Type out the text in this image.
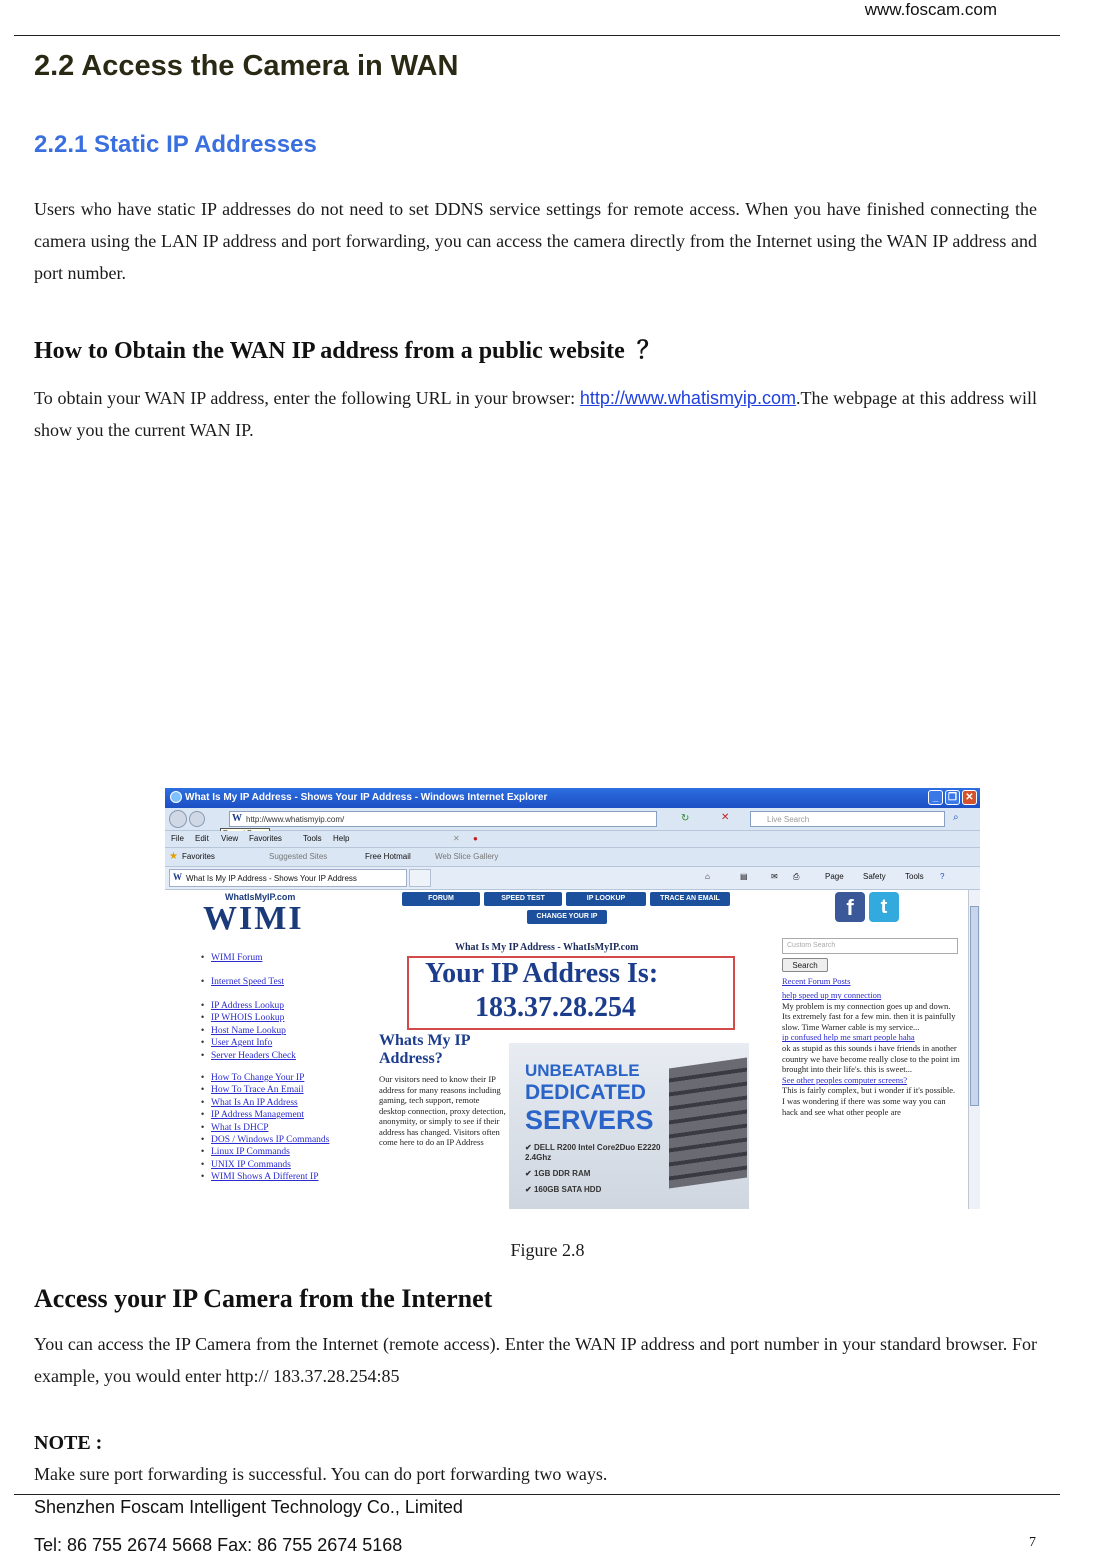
www.foscam.com
2.2 Access the Camera in WAN
2.2.1 Static IP Addresses
Users who have static IP addresses do not need to set DDNS service settings for remote access. When you have finished connecting the camera using the LAN IP address and port forwarding, you can access the camera directly from the Internet using the WAN IP address and port number.
How to Obtain the WAN IP address from a public website  ？
To obtain your WAN IP address, enter the following URL in your browser: http://www.whatismyip.com.The webpage at this address will show you the current WAN IP.
What Is My IP Address - Shows Your IP Address - Windows Internet Explorer	_ ❐ ✕
http://www.whatismyip.com/
W	↻	✕	Live Search	⌕
File Edit View Favorites	Tools Help	✕ ●
★ Favorites	Suggested Sites	Free Hotmail	Web Slice Gallery
What Is My IP Address - Shows Your IP Address
W	⌂	▤	✉ ⎙	Page Safety Tools ?
WhatIsMyIP.com
WIMI
FORUM	SPEED TEST	IP LOOKUP	TRACE AN EMAIL
CHANGE YOUR IP	f	t
• WIMI Forum
• Internet Speed Test
• IP Address Lookup
• IP WHOIS Lookup
• Host Name Lookup
• User Agent Info
• Server Headers Check
• How To Change Your IP
• How To Trace An Email
• What Is An IP Address
• IP Address Management
• What Is DHCP
• DOS / Windows IP Commands
• Linux IP Commands
• UNIX IP Commands
• WIMI Shows A Different IP
What Is My IP Address - WhatIsMyIP.com
Your IP Address Is:
183.37.28.254
Whats My IP Address?
Our visitors need to know their IP address for many reasons including gaming, tech support, remote desktop connection, proxy detection, anonymity, or simply to see if their address has changed. Visitors often come here to do an IP Address
UNBEATABLE
DEDICATED
SERVERS
✔ DELL R200 Intel Core2Duo E2220 2.4Ghz
✔ 1GB DDR RAM
✔ 160GB SATA HDD
Custom Search
Search
Recent Forum Posts
help speed up my connection
My problem is my connection goes up and down. Its extremely fast for a few min. then it is painfully slow. Time Warner cable is my service...
ip confused help me smart people haha
ok as stupid as this sounds i have friends in another country we have become really close to the point im brought into their life's. this is sweet...
See other peoples computer screens?
This is fairly complex, but i wonder if it's possible. I was wondering if there was some way you can hack and see what other people are
Figure 2.8
Access your IP Camera from the Internet
You can access the IP Camera from the Internet (remote access). Enter the WAN IP address and port number in your standard browser. For example, you would enter http:// 183.37.28.254:85
NOTE :
Make sure port forwarding is successful. You can do port forwarding two ways.
Shenzhen Foscam Intelligent Technology Co., Limited
Tel: 86 755 2674 5668 Fax: 86 755 2674 5168	7
